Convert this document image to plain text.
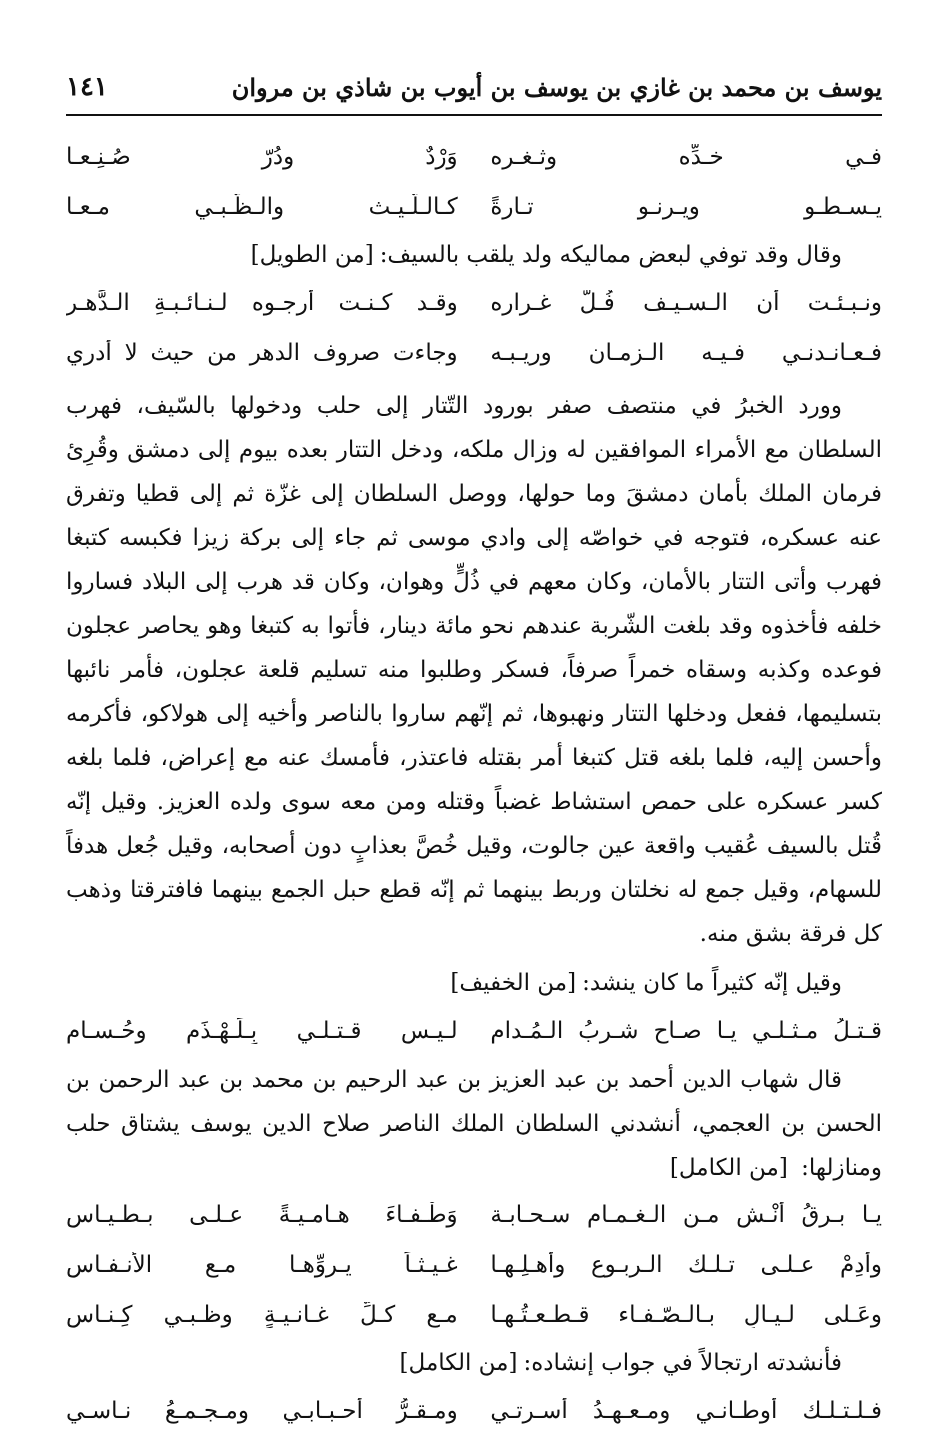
يوسف بن محمد بن غازي بن يوسف بن أيوب بن شاذي بن مروان
١٤١
فـي خـدِّه وثـغـره
وَرْدٌ ودُرّ صُـنِـعـا
يـسـطـو ويـرنـو تـارةً
كـالـلّـيـث والـظّـبـي مـعـا
وقال وقد توفي لبعض مماليكه ولد يلقب بالسيف:
[من الطويل]
ونـبـئـت أن الـسـيـف فُـلَّ غـراره
وقـد كـنـت أرجـوه لـنـائـبـةِ الـدَّهـرِ
فـعـانـدنـي فـيـه الـزمـان وريـبـه
وجاءت صروف الدهر من حيث لا أدري

وورد الخبرُ في منتصف صفر بورود التّتار إلى حلب ودخولها بالسّيف، فهرب السلطان مع الأمراء الموافقين له وزال ملكه، ودخل التتار بعده بيوم إلى دمشق وقُرِئ فرمان الملك بأمان دمشقَ وما حولها، ووصل السلطان إلى غزّة ثم إلى قطيا وتفرق عنه عسكره، فتوجه في خواصّه إلى وادي موسى ثم جاء إلى بركة زيزا فكبسه كتبغا فهرب وأتى التتار بالأمان، وكان معهم في ذُلٍّ وهوان، وكان قد هرب إلى البلاد فساروا خلفه فأخذوه وقد بلغت الشّربة عندهم نحو مائة دينار، فأتوا به كتبغا وهو يحاصر عجلون فوعده وكذبه وسقاه خمراً صرفاً، فسكر وطلبوا منه تسليم قلعة عجلون، فأمر نائبها بتسليمها، ففعل ودخلها التتار ونهبوها، ثم إنّهم ساروا بالناصر وأخيه إلى هولاكو، فأكرمه وأحسن إليه، فلما بلغه قتل كتبغا أمر بقتله فاعتذر، فأمسك عنه مع إعراض، فلما بلغه كسر عسكره على حمص استشاط غضباً وقتله ومن معه سوى ولده العزيز. وقيل إنّه قُتل بالسيف عُقيب واقعة عين جالوت، وقيل خُصَّ بعذابٍ دون أصحابه، وقيل جُعل هدفاً للسهام، وقيل جمع له نخلتان وربط بينهما ثم إنّه قطع حبل الجمع بينهما فافترقتا وذهب كل فرقة بشق منه.

وقيل إنّه كثيراً ما كان ينشد:
[من الخفيف]
قـتـلُ مـثـلـي يـا صـاحِ شـربُ الـمُـدامِ
لـيـس قـتـلـي بِـلَـهْـذَمٍ وحُـسـامِ

قال شهاب الدين أحمد بن عبد العزيز بن عبد الرحيم بن محمد بن عبد الرحمن بن الحسن بن العجمي، أنشدني السلطان الملك الناصر صلاح الدين يوسف يشتاق حلب ومنازلها: [من الكامل]

يـا بـرقُ أنْـشِ مـن الـغـمـامِ سـحـابـة
وَطْـفـاءَ هـامـيـةً عـلـى بـطـيـاس
وأدِمْ عـلـى تـلـك الـربـوع وأهـلِـهـا
غـيـثـاً يـروِّهـا مـع الأنـفـاسِ
وعَـلى لـيـالٍ بـالـصّـفـاء قـطـعـتُـهـا
مـع كـلِّ غـانـيـةٍ وظـبـي كِـنـاسِ
فأنشدته ارتجالاً في جواب إنشاده:
[من الكامل]
فـلـتـلـك أوطـانـي ومـعـهـدُ أسـرتـي
ومـقـرُّ أحـبـابـي ومـجـمـعُ نـاسـي
